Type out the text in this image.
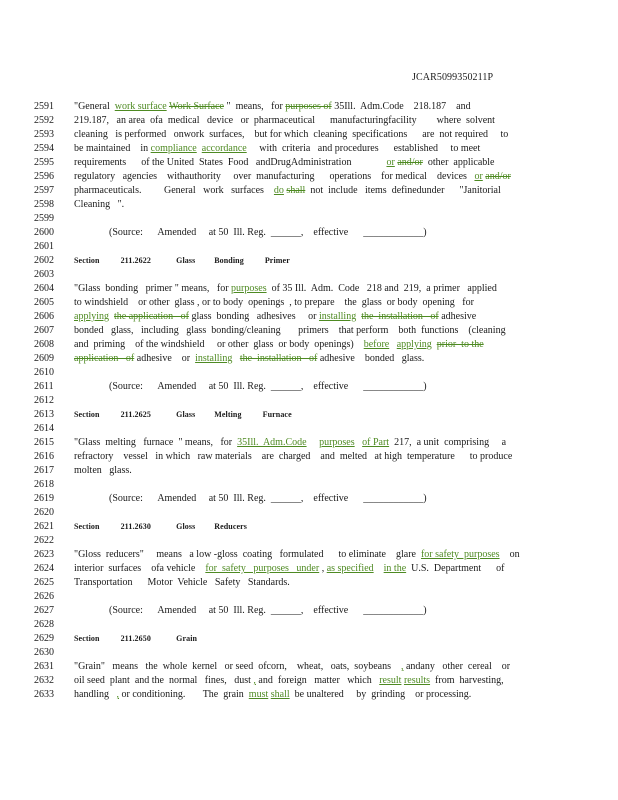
JCAR5099350211P
2591 "General  work surface Work Surface "  means,   for purposes of 35Ill.  Adm.Code    218.187    and
2592 219.187,   an area  ofa  medical   device   or  pharmaceutical      manufacturingfacility        where  solvent
2593 cleaning   is performed   onwork  surfaces,    but for which  cleaning  specifications      are  not required     to
2594 be maintained    in compliance accordance     with  criteria   and procedures      established     to meet
2595 requirements      of the United  States  Food   andDrugAdministration              or and/or  other  applicable
2596 regulatory   agencies    withauthority     over  manufacturing      operations    for medical    devices   or and/or
2597 pharmaceuticals.         General   work   surfaces    do shall  not  include   items  definedunder      "Janitorial
2598 Cleaning   ".
2599
2600	(Source:      Amended     at 50  Ill. Reg.  ______,    effective      ____________)
2601
2602	Section          211.2622            Glass         Bonding          Primer
2603
2604 "Glass  bonding   primer " means,   for purposes  of 35 Ill.  Adm.  Code   218 and  219,  a primer   applied
2605 to windshield    or other  glass , or to body  openings  , to prepare    the  glass  or body  opening   for
2606 applying the application   of glass  bonding   adhesives     or installing the  installation   of adhesive
2607 bonded   glass,   including   glass  bonding/cleaning       primers    that perform    both  functions    (cleaning
2608 and  priming    of the windshield     or other  glass  or body  openings)    before applying prior  to the
2609 application   of adhesive    or  installing the  installation   of adhesive    bonded   glass.
2610
2611	(Source:      Amended     at 50  Ill. Reg.  ______,    effective      ____________)
2612
2613	Section          211.2625            Glass         Melting          Furnace
2614
2615 "Glass  melting   furnace  " means,   for  35Ill.  Adm.Code purposes of Part  217,  a unit  comprising     a
2616 refractory    vessel   in which   raw materials    are  charged    and  melted   at high  temperature      to produce
2617 molten   glass.
2618
2619	(Source:      Amended     at 50  Ill. Reg.  ______,    effective      ____________)
2620
2621	Section          211.2630            Gloss         Reducers
2622
2623 "Gloss  reducers"     means   a low -gloss  coating   formulated      to eliminate    glare  for safety  purposes    on
2624 interior  surfaces    ofa vehicle    for  safety   purposes   under , as specified in the  U.S.  Department      of
2625 Transportation      Motor  Vehicle   Safety   Standards.
2626
2627	(Source:      Amended     at 50  Ill. Reg.  ______,    effective      ____________)
2628
2629	Section          211.2650            Grain
2630
2631 "Grain"   means   the  whole  kernel   or seed  ofcorn,    wheat,   oats,  soybeans    , andany   other  cereal    or
2632 oil seed  plant  and the  normal   fines,   dust , and  foreign   matter   which   result results  from  harvesting,
2633 handling   , or conditioning.       The  grain  must shall  be unaltered     by  grinding    or processing.
